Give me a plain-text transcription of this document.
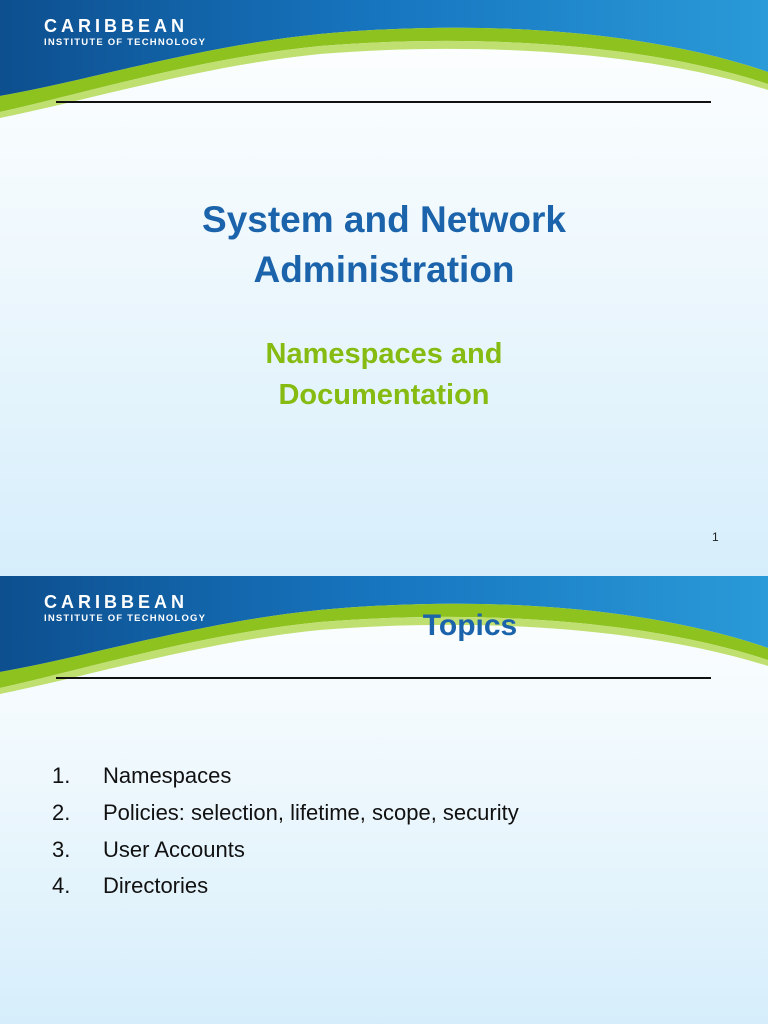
CARIBBEAN
INSTITUTE OF TECHNOLOGY
System and Network Administration
Namespaces and
Documentation
1
CARIBBEAN
INSTITUTE OF TECHNOLOGY	Topics
1. Namespaces
2. Policies: selection, lifetime, scope, security
3. User Accounts
4. Directories
